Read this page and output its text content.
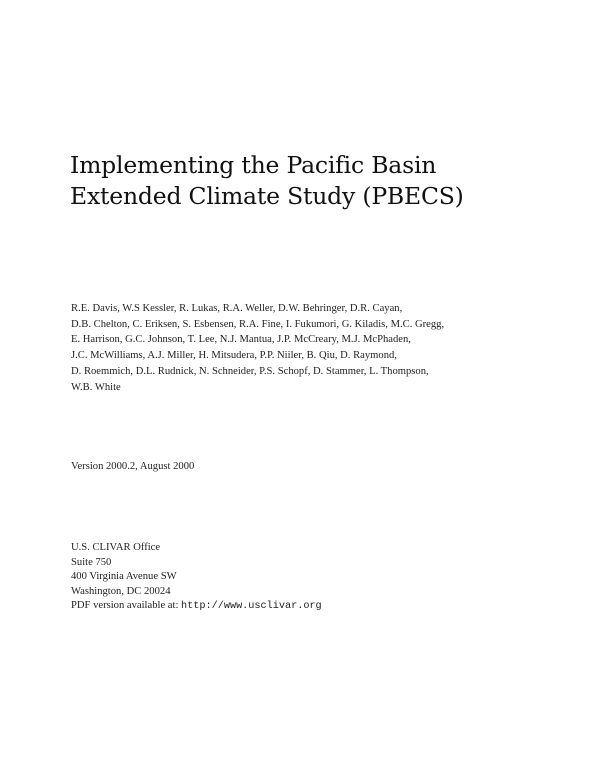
Implementing the Pacific Basin
Extended Climate Study (PBECS)
R.E. Davis, W.S Kessler, R. Lukas, R.A. Weller, D.W. Behringer, D.R. Cayan,
D.B. Chelton, C. Eriksen, S. Esbensen, R.A. Fine, I. Fukumori, G. Kiladis, M.C. Gregg,
E. Harrison, G.C. Johnson, T. Lee, N.J. Mantua, J.P. McCreary, M.J. McPhaden,
J.C. McWilliams, A.J. Miller, H. Mitsudera, P.P. Niiler, B. Qiu, D. Raymond,
D. Roemmich, D.L. Rudnick, N. Schneider, P.S. Schopf, D. Stammer, L. Thompson,
W.B. White
Version 2000.2, August 2000
U.S. CLIVAR Office
Suite 750
400 Virginia Avenue SW
Washington, DC 20024
PDF version available at: http://www.usclivar.org
